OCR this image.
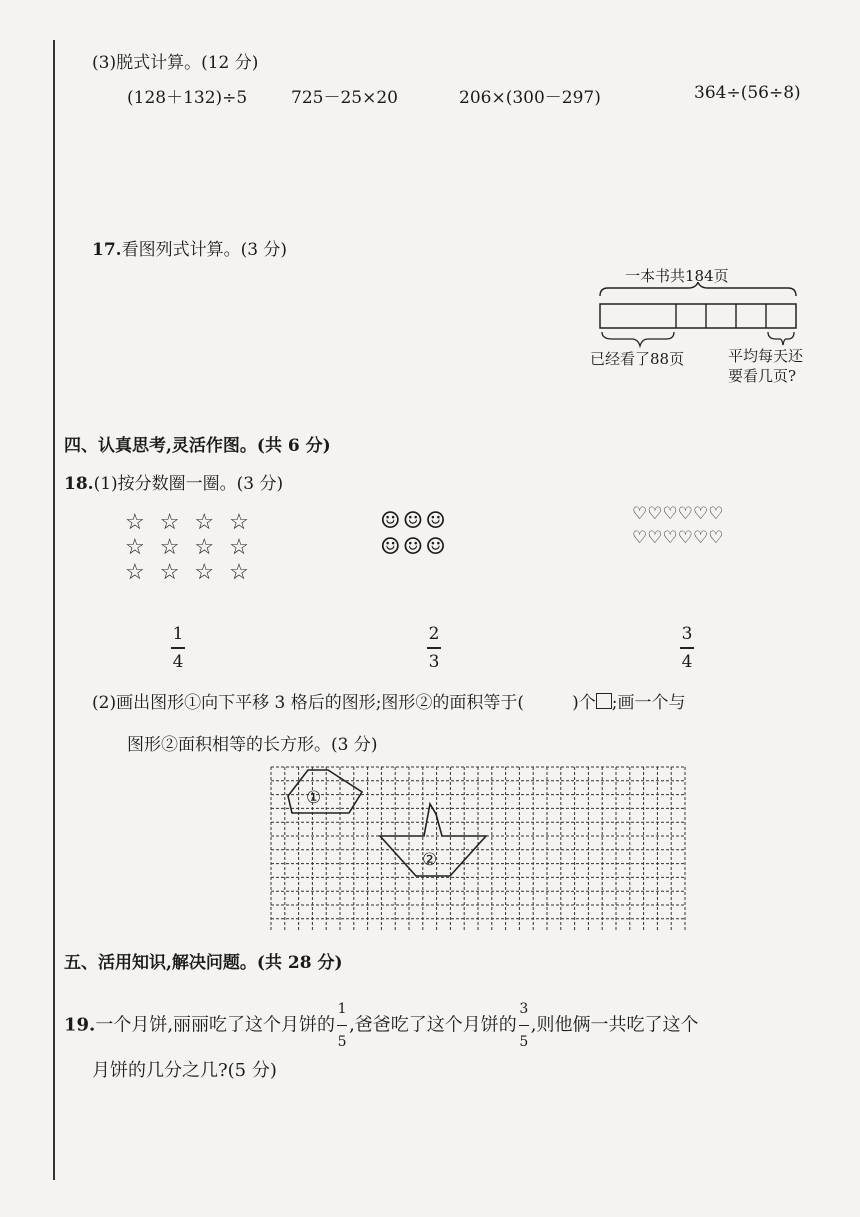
(3)脱式计算。(12 分)
(128＋132)÷5	725－25×20	206×(300－297)	364÷(56÷8)
17.看图列式计算。(3 分)
一本书共184页
已经看了88页	平均每天还
要看几页?
四、认真思考,灵活作图。(共 6 分)
18.(1)按分数圈一圈。(3 分)
☆ ☆ ☆ ☆
☆ ☆ ☆ ☆
☆ ☆ ☆ ☆
☺☺☺
☺☺☺
♡♡♡♡♡♡
♡♡♡♡♡♡
1
4
2
3
3
4
(2)画出图形①向下平移 3 格后的图形;图形②的面积等于(	)个 ;画一个与
图形②面积相等的长方形。(3 分)
①
②
五、活用知识,解决问题。(共 28 分)
19.一个月饼,丽丽吃了这个月饼的 $\frac{1}{5}$ ,爸爸吃了这个月饼的 $\frac{3}{5}$ ,则他俩一共吃了这个
月饼的几分之几?(5 分)
